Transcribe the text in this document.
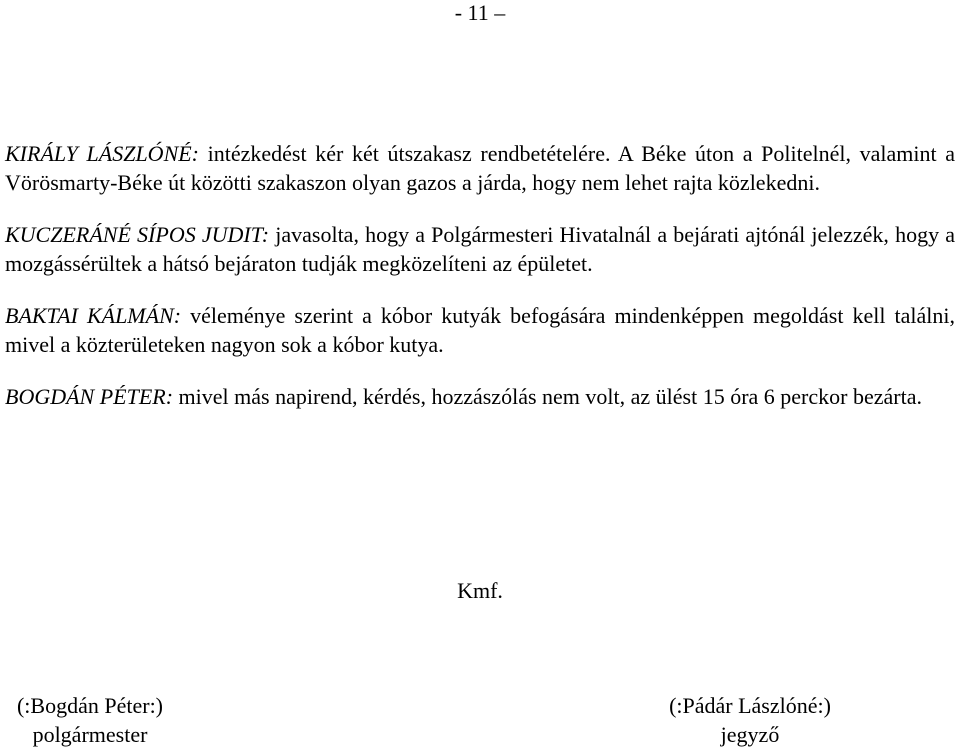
- 11 –

KIRÁLY LÁSZLÓNÉ: intézkedést kér két útszakasz rendbetételére. A Béke úton a Politelnél, valamint a Vörösmarty-Béke út közötti szakaszon olyan gazos a járda, hogy nem lehet rajta közlekedni.

KUCZERÁNÉ SÍPOS JUDIT: javasolta, hogy a Polgármesteri Hivatalnál a bejárati ajtónál jelezzék, hogy a mozgássérültek a hátsó bejáraton tudják megközelíteni az épületet.

BAKTAI KÁLMÁN: véleménye szerint a kóbor kutyák befogására mindenképpen megoldást kell találni, mivel a közterületeken nagyon sok a kóbor kutya.

BOGDÁN PÉTER: mivel más napirend, kérdés, hozzászólás nem volt, az ülést 15 óra 6 perckor bezárta.

Kmf.
(:Bogdán Péter:)
polgármester
(:Pádár Lászlóné:)
jegyző
